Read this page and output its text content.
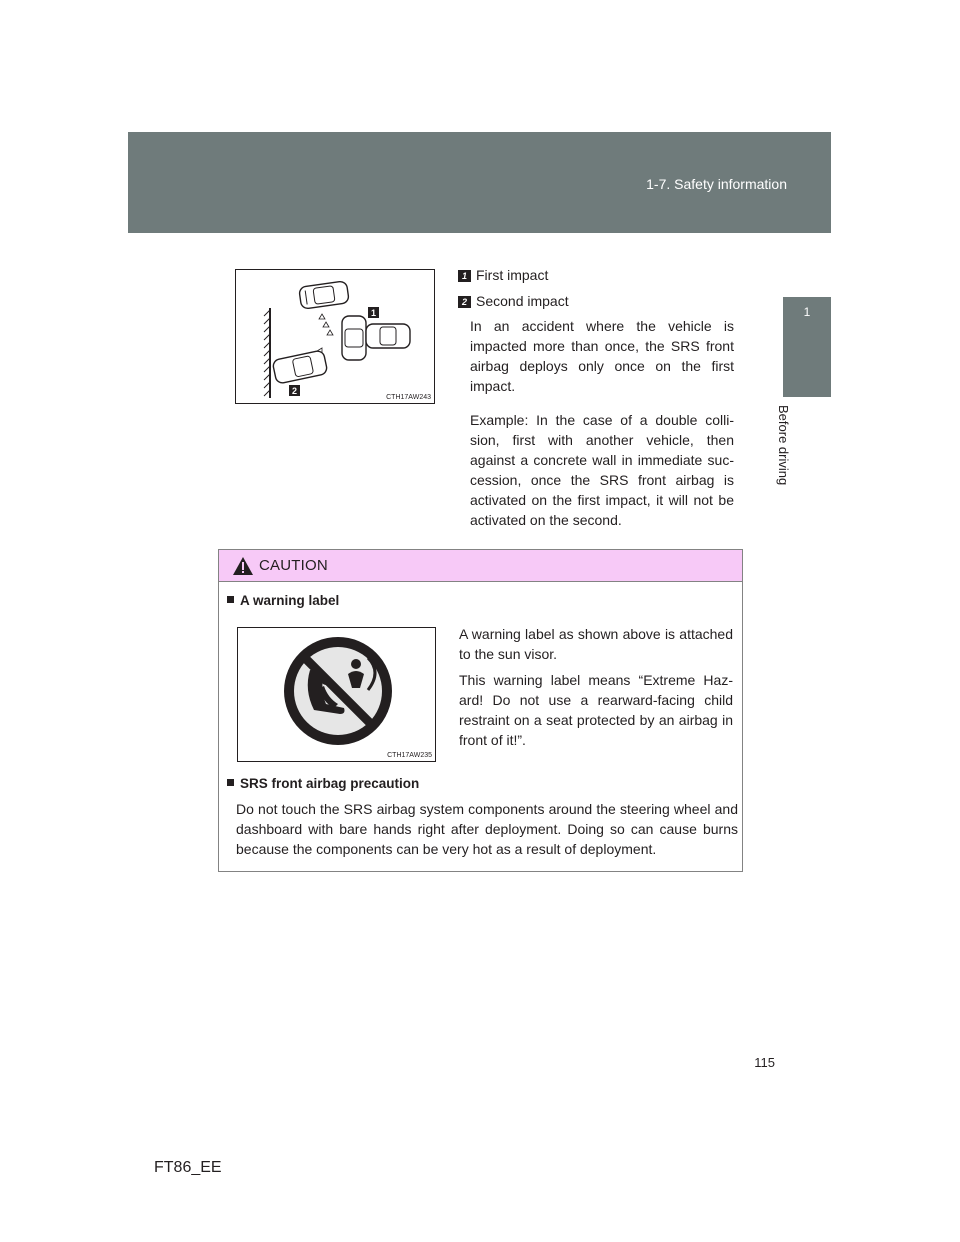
1-7. Safety information
1
Before driving
1
2
CTH17AW243
1 First impact
2 Second impact
In an accident where the vehicle is impacted more than once, the SRS front airbag deploys only once on the first impact.
Example: In the case of a double colli-sion, first with another vehicle, then against a concrete wall in immediate suc-cession, once the SRS front airbag is activated on the first impact, it will not be activated on the second.
CAUTION
A warning label
CTH17AW235
A warning label as shown above is attached to the sun visor.
This warning label means “Extreme Haz-ard! Do not use a rearward-facing child restraint on a seat protected by an airbag in front of it!”.
SRS front airbag precaution
Do not touch the SRS airbag system components around the steering wheel and dashboard with bare hands right after deployment. Doing so can cause burns because the components can be very hot as a result of deployment.
115
FT86_EE
